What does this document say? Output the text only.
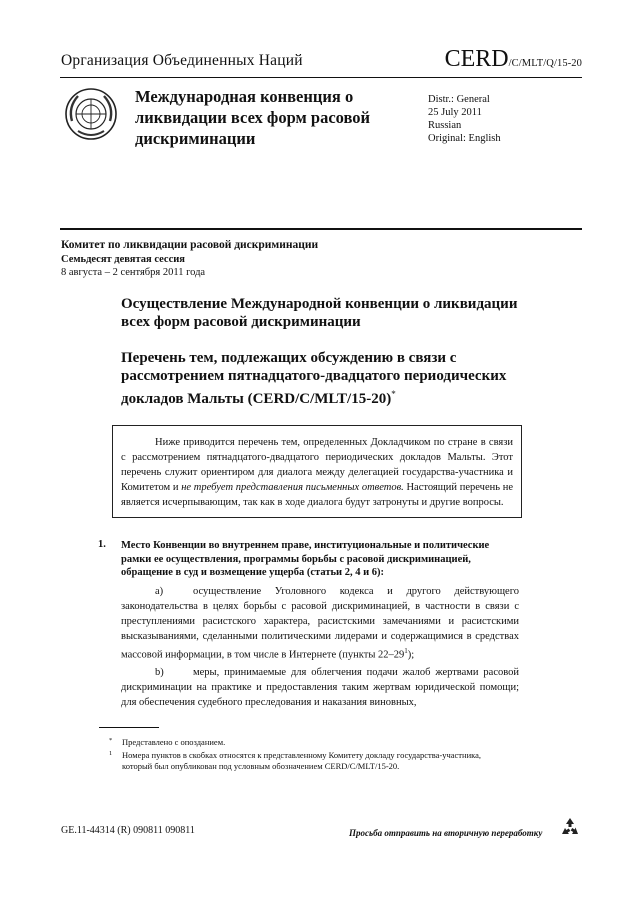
Организация Объединенных Наций	CERD/C/MLT/Q/15-20
Международная конвенция о ликвидации всех форм расовой дискриминации
Distr.: General
25 July 2011
Russian
Original: English
Комитет по ликвидации расовой дискриминации
Семьдесят девятая сессия
8 августа – 2 сентября 2011 года
Осуществление Международной конвенции о ликвидации всех форм расовой дискриминации
Перечень тем, подлежащих обсуждению в связи с рассмотрением пятнадцатого-двадцатого периодических докладов Мальты (CERD/C/MLT/15-20)*

Ниже приводится перечень тем, определенных Докладчиком по стране в связи с рассмотрением пятнадцатого-двадцатого периодических докладов Мальты. Этот перечень служит ориентиром для диалога между делегацией государства-участника и Комитетом и не требует представления письменных ответов. Настоящий перечень не является исчерпывающим, так как в ходе диалога будут затронуты и другие вопросы.

1. Место Конвенции во внутреннем праве, институциональные и политические рамки ее осуществления, программы борьбы с расовой дискриминацией, обращение в суд и возмещение ущерба (статьи 2, 4 и 6):

a)	осуществление Уголовного кодекса и другого действующего законодательства в целях борьбы с расовой дискриминацией, в частности в связи с преступлениями расистского характера, расистскими замечаниями и расистскими высказываниями, сделанными политическими лидерами и содержащимися в средствах массовой информации, в том числе в Интернете (пункты $22-29^1$);

b)	меры, принимаемые для облегчения подачи жалоб жертвами расовой дискриминации на практике и предоставления таким жертвам юридической помощи; для обеспечения судебного преследования и наказания виновных,

* Представлено с опозданием.
1 Номера пунктов в скобках относятся к представленному Комитету докладу государства-участника, который был опубликован под условным обозначением CERD/C/MLT/15-20.
GE.11-44314 (R) 090811 090811	Просьба отправить на вторичную переработку
